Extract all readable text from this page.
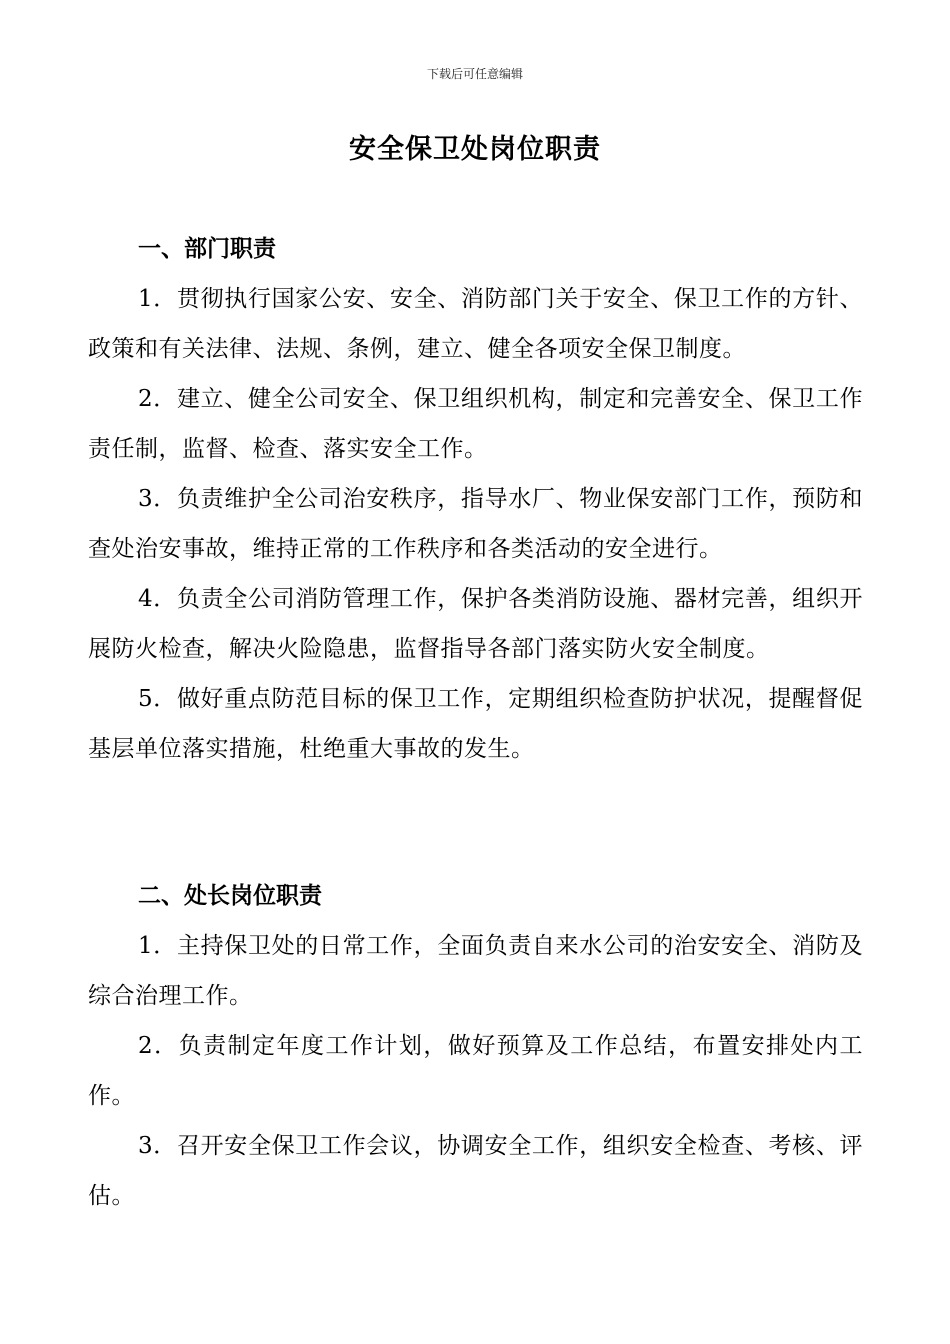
下载后可任意编辑
安全保卫处岗位职责

一、部门职责

1．贯彻执行国家公安、安全、消防部门关于安全、保卫工作的方针、政策和有关法律、法规、条例，建立、健全各项安全保卫制度。

2．建立、健全公司安全、保卫组织机构，制定和完善安全、保卫工作责任制，监督、检查、落实安全工作。

3．负责维护全公司治安秩序，指导水厂、物业保安部门工作，预防和查处治安事故，维持正常的工作秩序和各类活动的安全进行。

4．负责全公司消防管理工作，保护各类消防设施、器材完善，组织开展防火检查，解决火险隐患，监督指导各部门落实防火安全制度。

5．做好重点防范目标的保卫工作，定期组织检查防护状况，提醒督促基层单位落实措施，杜绝重大事故的发生。

二、处长岗位职责

1．主持保卫处的日常工作，全面负责自来水公司的治安安全、消防及综合治理工作。

2．负责制定年度工作计划，做好预算及工作总结，布置安排处内工作。

3．召开安全保卫工作会议，协调安全工作，组织安全检查、考核、评估。
